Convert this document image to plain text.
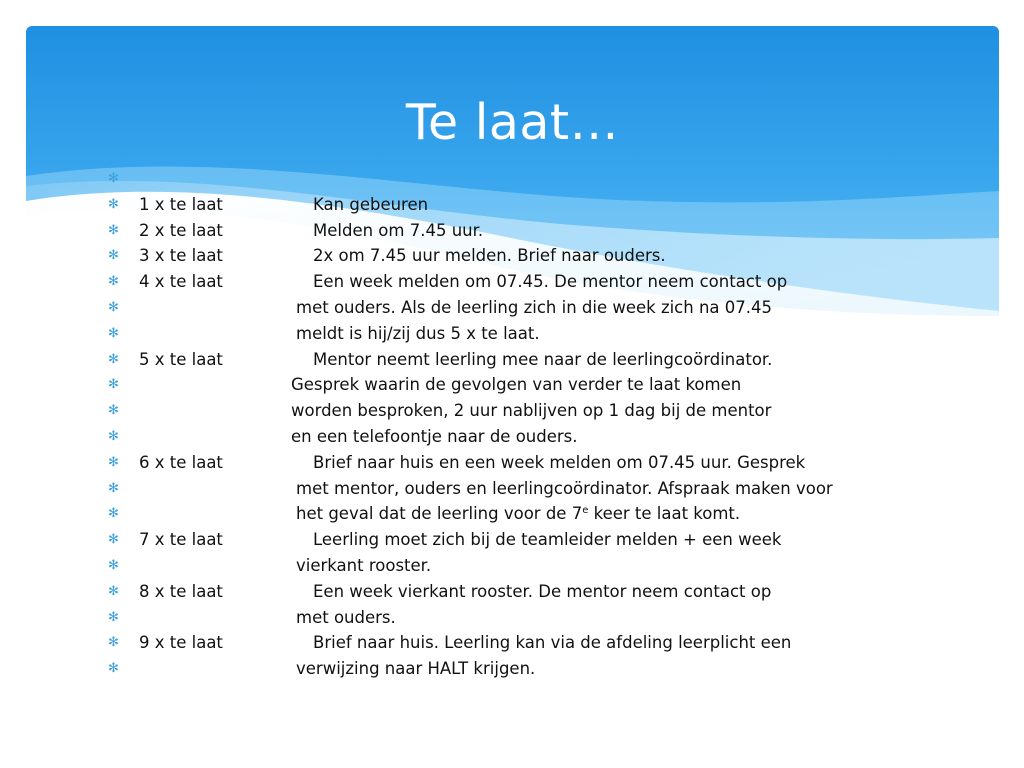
Te laat…
✻
✻ 1 x te laat	Kan gebeuren
✻ 2 x te laat	Melden om 7.45 uur.
✻ 3 x te laat	2x om 7.45 uur melden. Brief naar ouders.
✻ 4 x te laat	Een week melden om 07.45. De mentor neem contact op
✻	met ouders. Als de leerling zich in die week zich na 07.45
✻	meldt is hij/zij dus 5 x te laat.
✻ 5 x te laat	Mentor neemt leerling mee naar de leerlingcoördinator.
✻	Gesprek waarin de gevolgen van verder te laat komen
✻	worden besproken, 2 uur nablijven op 1 dag bij de mentor
✻	en een telefoontje naar de ouders.
✻ 6 x te laat	Brief naar huis en een week melden om 07.45 uur. Gesprek
✻	met mentor, ouders en leerlingcoördinator. Afspraak maken voor
✻	het geval dat de leerling voor de 7e keer te laat komt.
✻ 7 x te laat	Leerling moet zich bij de teamleider melden + een week
✻	vierkant rooster.
✻ 8 x te laat	Een week vierkant rooster. De mentor neem contact op
✻	met ouders.
✻ 9 x te laat	Brief naar huis. Leerling kan via de afdeling leerplicht een
✻	verwijzing naar HALT krijgen.
